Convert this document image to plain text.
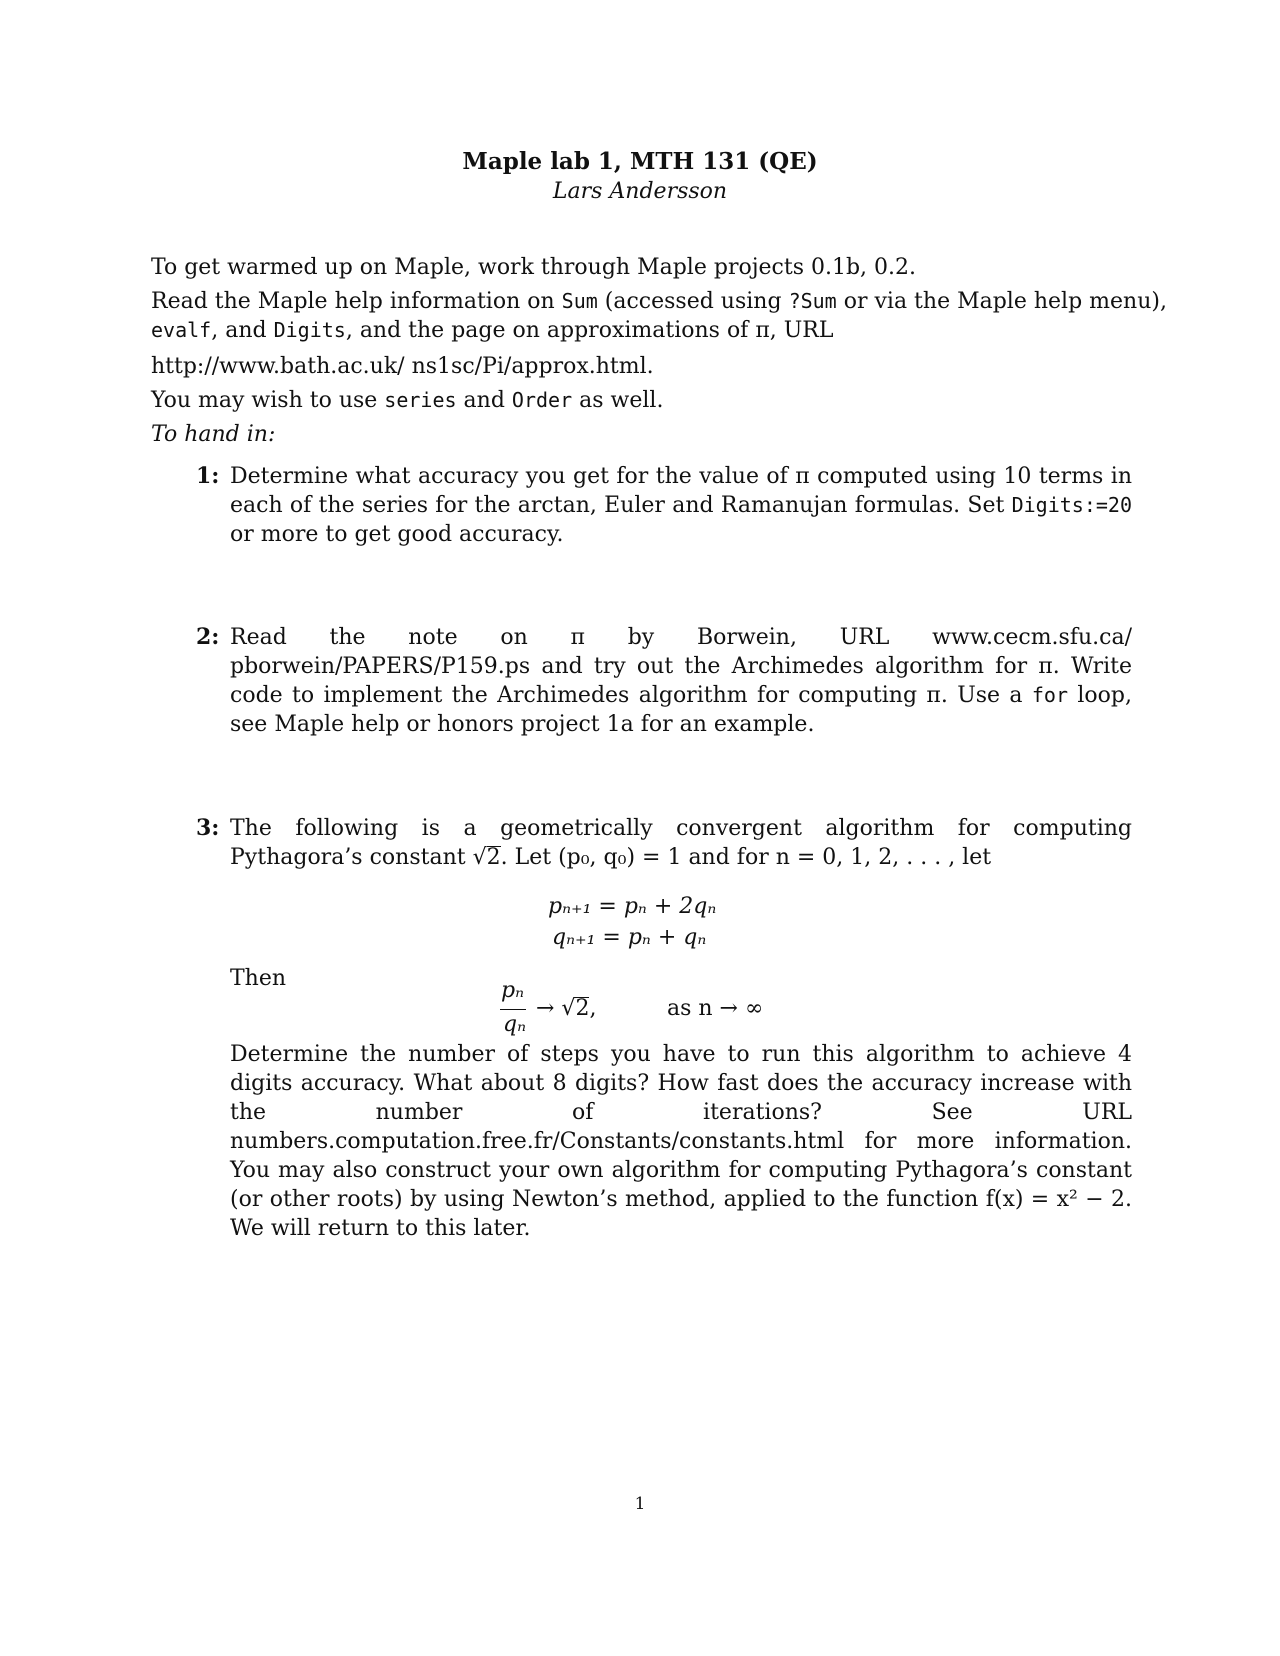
Maple lab 1, MTH 131 (QE)
Lars Andersson
To get warmed up on Maple, work through Maple projects 0.1b, 0.2.
Read the Maple help information on Sum (accessed using ?Sum or via the Maple help menu),
evalf, and Digits, and the page on approximations of π, URL
http://www.bath.ac.uk/ ns1sc/Pi/approx.html.
You may wish to use series and Order as well.
To hand in:
1: Determine what accuracy you get for the value of π computed using 10 terms in each of the series for the arctan, Euler and Ramanujan formulas. Set Digits:=20 or more to get good accuracy.
2: Read the note on π by Borwein, URL www.cecm.sfu.ca/ pborwein/PAPERS/P159.ps and try out the Archimedes algorithm for π. Write code to implement the Archimedes algorithm for computing π. Use a for loop, see Maple help or honors project 1a for an example.
3: The following is a geometrically convergent algorithm for computing Pythagora’s constant √2. Let (p₀, q₀) = 1 and for n = 0, 1, 2, . . . , let
pₙ₊₁ = pₙ + 2qₙ
qₙ₊₁ = pₙ + qₙ
Then	pₙ
qₙ
→ √2,	as n → ∞
Determine the number of steps you have to run this algorithm to achieve 4 digits accuracy. What about 8 digits? How fast does the accuracy increase with the number of iterations? See URL numbers.computation.free.fr/Constants/constants.html for more information. You may also construct your own algorithm for computing Pythagora’s constant (or other roots) by using Newton’s method, applied to the function f(x) = x² − 2. We will return to this later.
1
